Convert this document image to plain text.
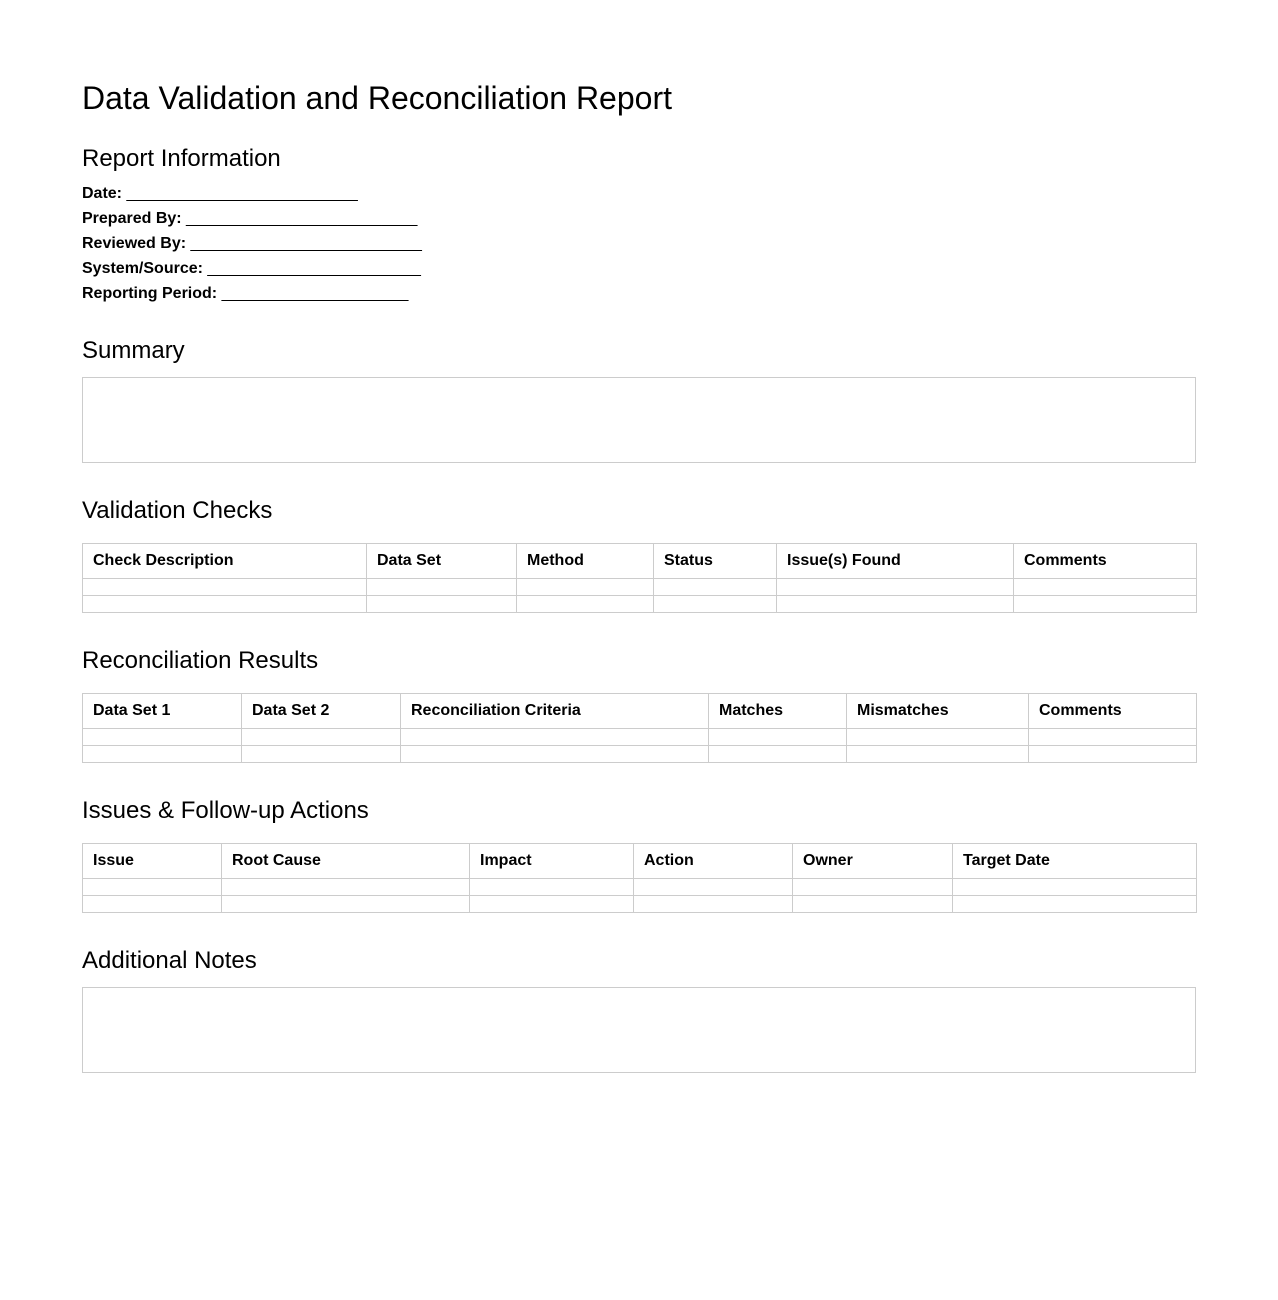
Data Validation and Reconciliation Report
Report Information
Date: __________________________
Prepared By: __________________________
Reviewed By: __________________________
System/Source: ________________________
Reporting Period: _____________________
Summary
Validation Checks
Check Description	Data Set	Method	Status	Issue(s) Found	Comments

Reconciliation Results
Data Set 1	Data Set 2	Reconciliation Criteria	Matches	Mismatches	Comments

Issues & Follow-up Actions
Issue	Root Cause	Impact	Action	Owner	Target Date

Additional Notes
